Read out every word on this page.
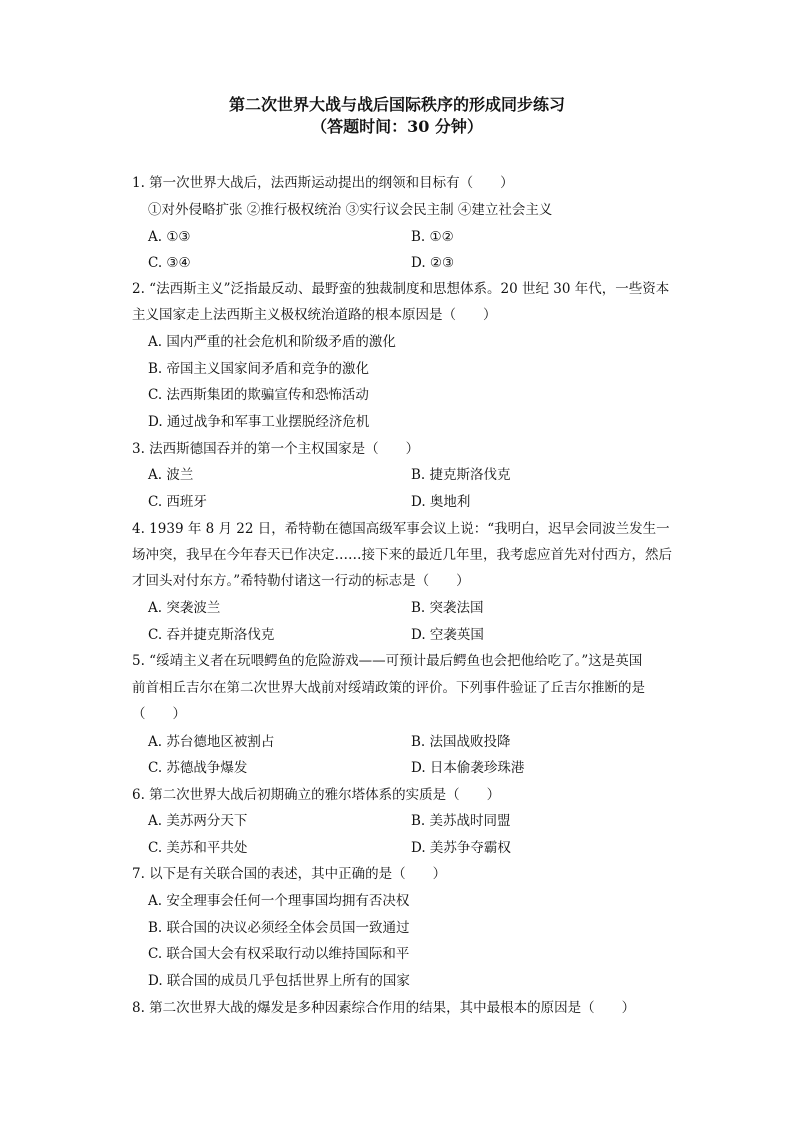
第二次世界大战与战后国际秩序的形成同步练习
（答题时间：30 分钟）
1. 第一次世界大战后，法西斯运动提出的纲领和目标有（　　）
①对外侵略扩张 ②推行极权统治 ③实行议会民主制 ④建立社会主义
A. ①③	B. ①②
C. ③④	D. ②③
2. “法西斯主义”泛指最反动、最野蛮的独裁制度和思想体系。20 世纪 30 年代，一些资本
主义国家走上法西斯主义极权统治道路的根本原因是（　　）
A. 国内严重的社会危机和阶级矛盾的激化
B. 帝国主义国家间矛盾和竞争的激化
C. 法西斯集团的欺骗宣传和恐怖活动
D. 通过战争和军事工业摆脱经济危机
3. 法西斯德国吞并的第一个主权国家是（　　）
A. 波兰	B. 捷克斯洛伐克
C. 西班牙	D. 奥地利
4. 1939 年 8 月 22 日，希特勒在德国高级军事会议上说：“我明白，迟早会同波兰发生一
场冲突，我早在今年春天已作决定……接下来的最近几年里，我考虑应首先对付西方，然后
才回头对付东方。”希特勒付诸这一行动的标志是（　　）
A. 突袭波兰	B. 突袭法国
C. 吞并捷克斯洛伐克	D. 空袭英国
5. “绥靖主义者在玩喂鳄鱼的危险游戏——可预计最后鳄鱼也会把他给吃了。”这是英国
前首相丘吉尔在第二次世界大战前对绥靖政策的评价。下列事件验证了丘吉尔推断的是
（　　）
A. 苏台德地区被割占	B. 法国战败投降
C. 苏德战争爆发	D. 日本偷袭珍珠港
6. 第二次世界大战后初期确立的雅尔塔体系的实质是（　　）
A. 美苏两分天下	B. 美苏战时同盟
C. 美苏和平共处	D. 美苏争夺霸权
7. 以下是有关联合国的表述，其中正确的是（　　）
A. 安全理事会任何一个理事国均拥有否决权
B. 联合国的决议必须经全体会员国一致通过
C. 联合国大会有权采取行动以维持国际和平
D. 联合国的成员几乎包括世界上所有的国家
8. 第二次世界大战的爆发是多种因素综合作用的结果，其中最根本的原因是（　　）
